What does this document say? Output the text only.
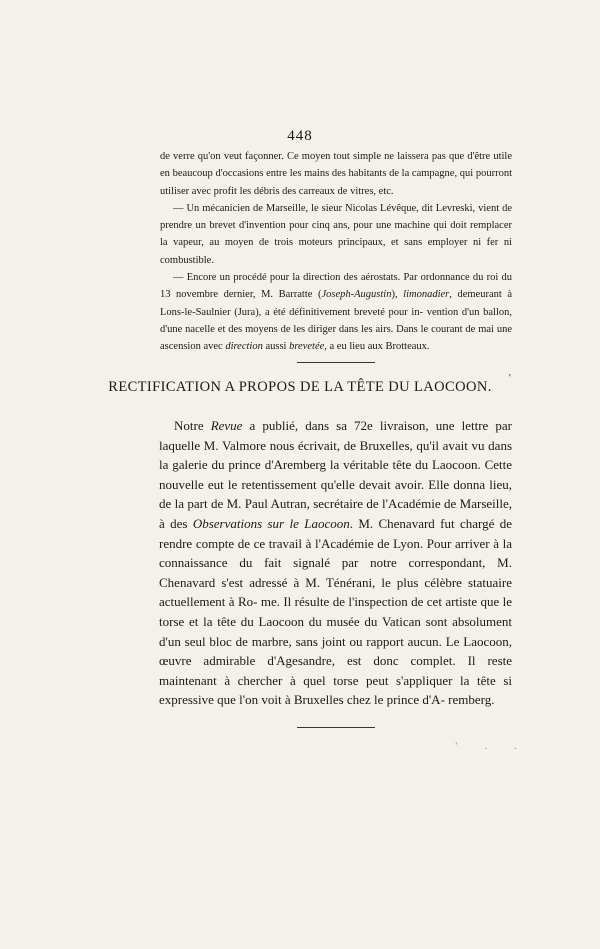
448

de verre qu'on veut façonner. Ce moyen tout simple ne laissera pas que d'être utile en beaucoup d'occasions entre les mains des habitants de la campagne, qui pourront utiliser avec profit les débris des carreaux de vitres, etc.

— Un mécanicien de Marseille, le sieur Nicolas Lévêque, dit Levreski, vient de prendre un brevet d'invention pour cinq ans, pour une machine qui doit remplacer la vapeur, au moyen de trois moteurs principaux, et sans employer ni fer ni combustible.

— Encore un procédé pour la direction des aérostats. Par ordonnance du roi du 13 novembre dernier, M. Barratte (Joseph-Augustin), limonadier, demeurant à Lons-le-Saulnier (Jura), a été définitivement breveté pour in- vention d'un ballon, d'une nacelle et des moyens de les diriger dans les airs. Dans le courant de mai une ascension avec direction aussi brevetée, a eu lieu aux Brotteaux.

RECTIFICATION A PROPOS DE LA TÊTE DU LAOCOON.
'

Notre Revue a publié, dans sa 72e livraison, une lettre par laquelle M. Valmore nous écrivait, de Bruxelles, qu'il avait vu dans la galerie du prince d'Aremberg la véritable tête du Laocoon. Cette nouvelle eut le retentissement qu'elle devait avoir. Elle donna lieu, de la part de M. Paul Autran, secrétaire de l'Académie de Marseille, à des Observations sur le Laocoon. M. Chenavard fut chargé de rendre compte de ce travail à l'Académie de Lyon. Pour arriver à la connaissance du fait signalé par notre correspondant, M. Chenavard s'est adressé à M. Ténérani, le plus célèbre statuaire actuellement à Ro- me. Il résulte de l'inspection de cet artiste que le torse et la tête du Laocoon du musée du Vatican sont absolument d'un seul bloc de marbre, sans joint ou rapport aucun. Le Laocoon, œuvre admirable d'Agesandre, est donc complet. Il reste maintenant à chercher à quel torse peut s'appliquer la tête si expressive que l'on voit à Bruxelles chez le prince d'A- remberg.

' . .
